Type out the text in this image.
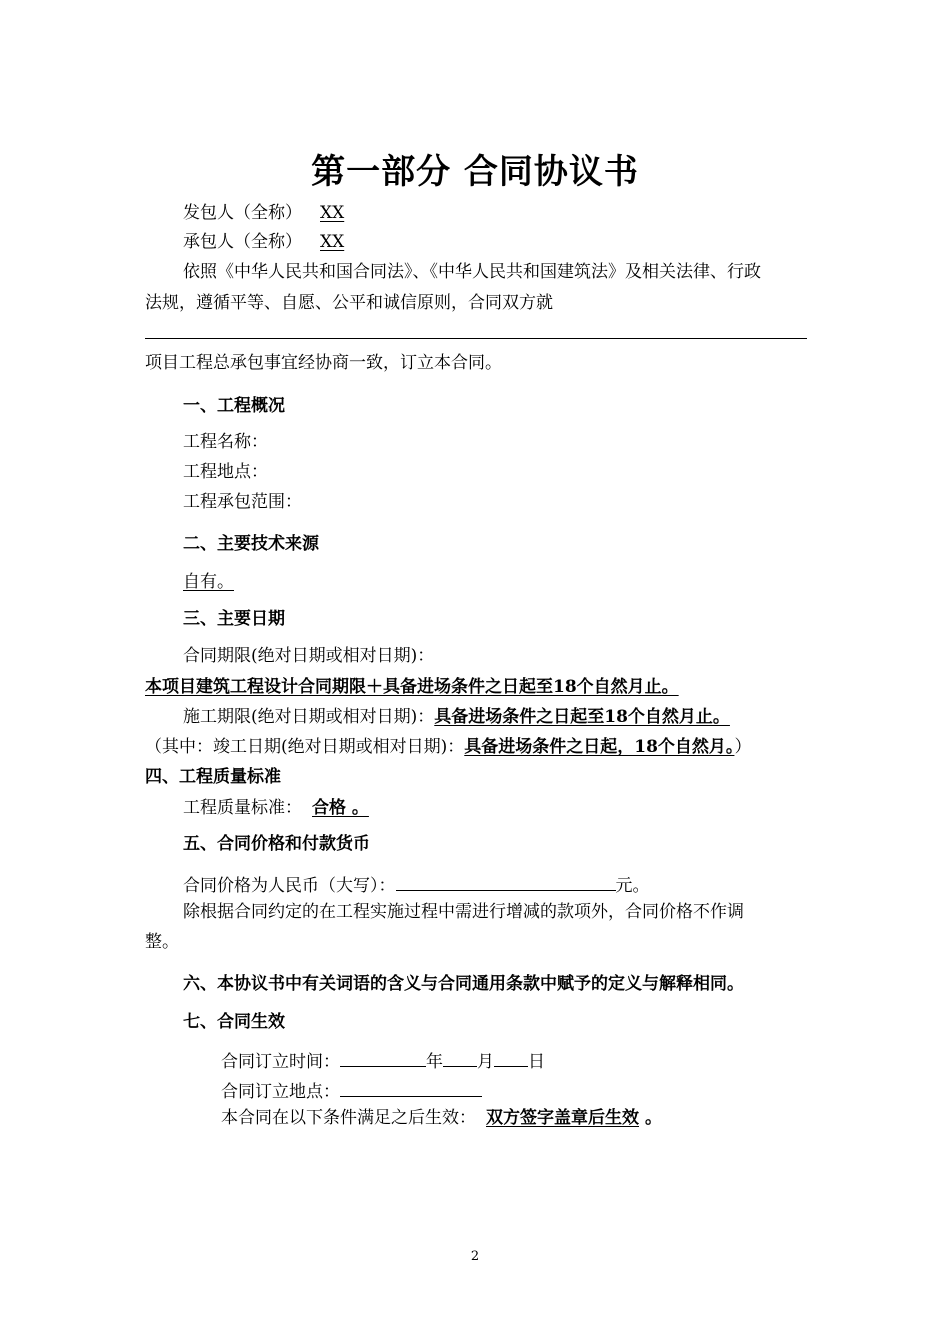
第一部分 合同协议书
发包人（全称） XX
承包人（全称） XX
依照《中华人民共和国合同法》、《中华人民共和国建筑法》及相关法律、行政
法规，遵循平等、自愿、公平和诚信原则，合同双方就
项目工程总承包事宜经协商一致，订立本合同。
一、工程概况
工程名称：
工程地点：
工程承包范围：
二、主要技术来源
自有。
三、主要日期
合同期限(绝对日期或相对日期)：
本项目建筑工程设计合同期限＋具备进场条件之日起至18个自然月止。
施工期限(绝对日期或相对日期)：具备进场条件之日起至18个自然月止。
（其中：竣工日期(绝对日期或相对日期)：具备进场条件之日起，18个自然月。）
四、工程质量标准
工程质量标准： 合格 。
五、合同价格和付款货币
合同价格为人民币（大写）：	元。
除根据合同约定的在工程实施过程中需进行增减的款项外，合同价格不作调
整。
六、本协议书中有关词语的含义与合同通用条款中赋予的定义与解释相同。
七、合同生效
合同订立时间：	年 月 日
合同订立地点：
本合同在以下条件满足之后生效： 双方签字盖章后生效 。
2
